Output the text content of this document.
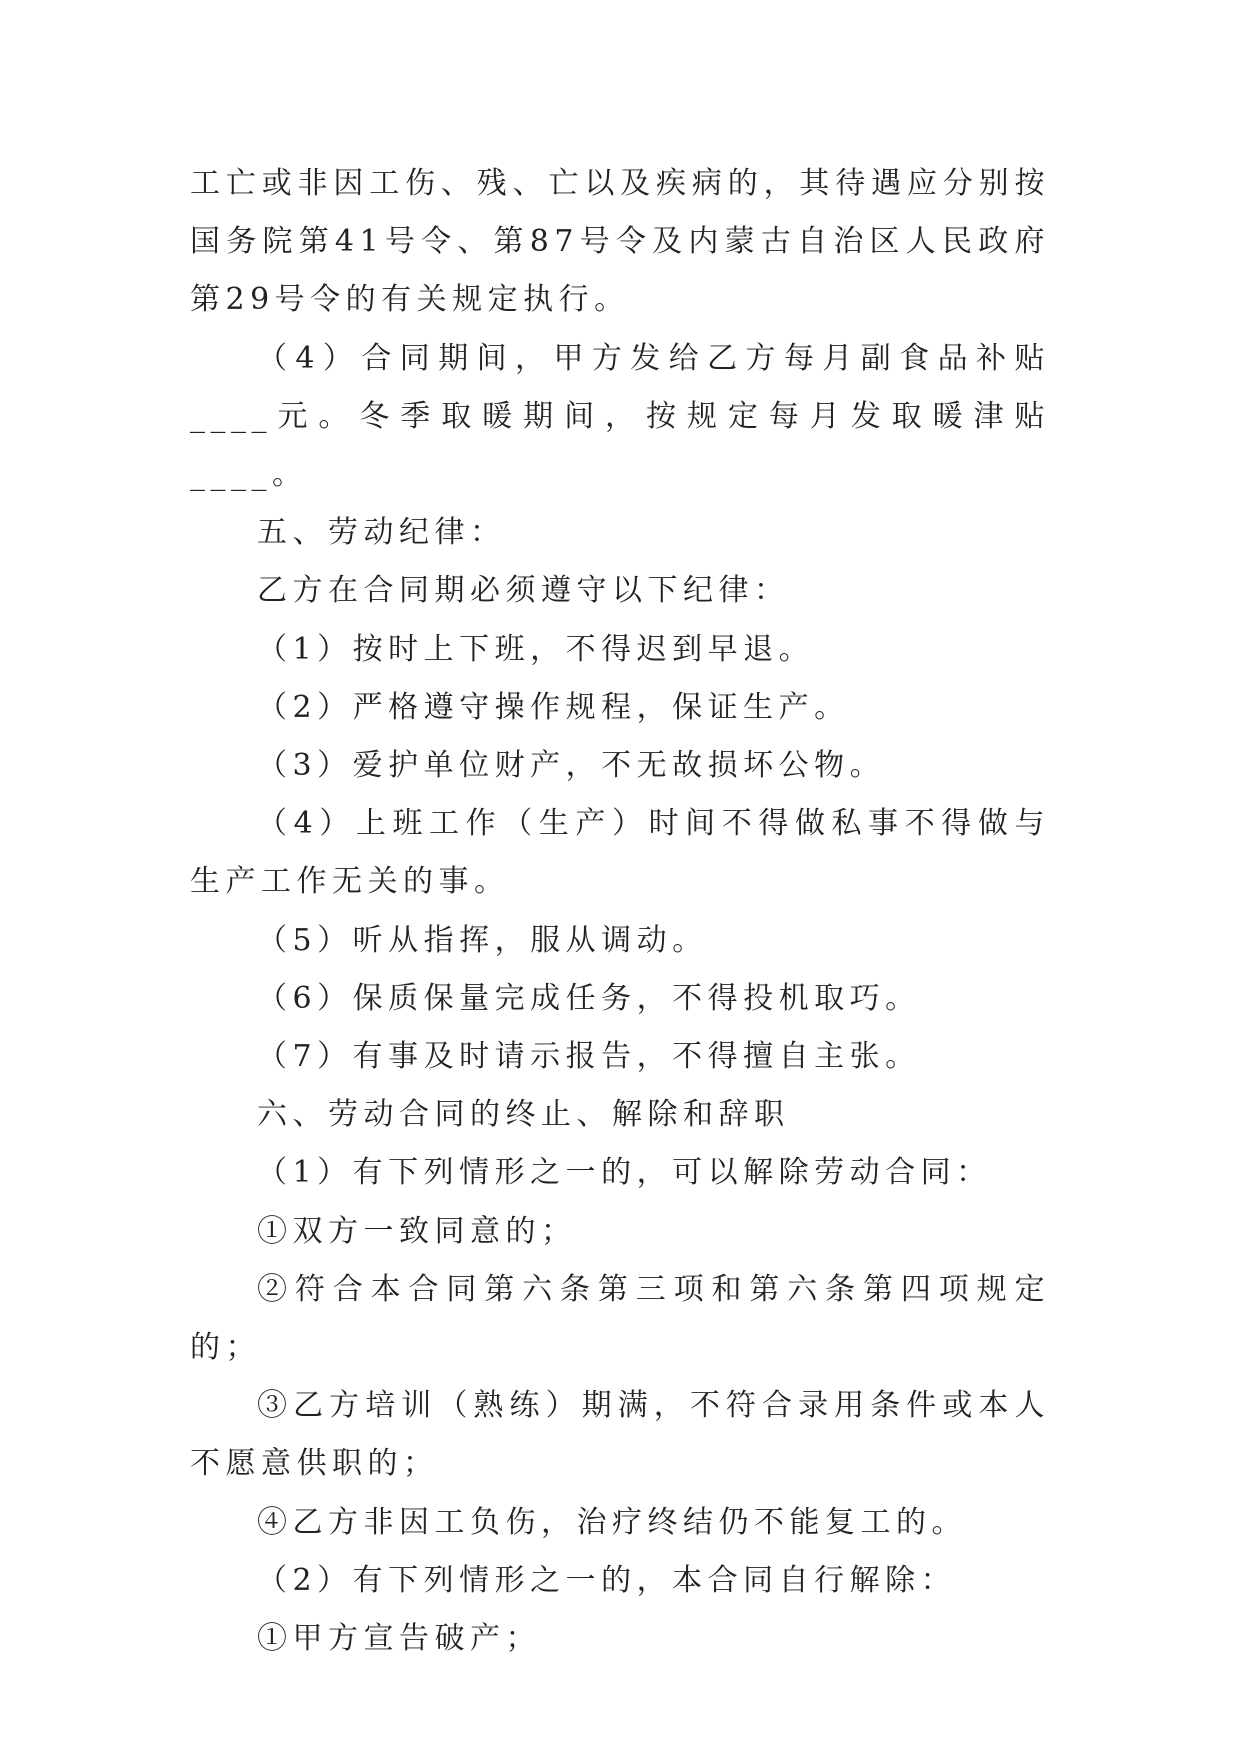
工亡或非因工伤、残、亡以及疾病的，其待遇应分别按国务院第41号令、第87号令及内蒙古自治区人民政府第29号令的有关规定执行。

（4）合同期间，甲方发给乙方每月副食品补贴____元。冬季取暖期间，按规定每月发取暖津贴____。

五、劳动纪律：

乙方在合同期必须遵守以下纪律：

（1）按时上下班，不得迟到早退。

（2）严格遵守操作规程，保证生产。

（3）爱护单位财产，不无故损坏公物。

（4）上班工作（生产）时间不得做私事不得做与生产工作无关的事。

（5）听从指挥，服从调动。

（6）保质保量完成任务，不得投机取巧。

（7）有事及时请示报告，不得擅自主张。

六、劳动合同的终止、解除和辞职

（1）有下列情形之一的，可以解除劳动合同：

①双方一致同意的；

②符合本合同第六条第三项和第六条第四项规定的；

③乙方培训（熟练）期满，不符合录用条件或本人不愿意供职的；

④乙方非因工负伤，治疗终结仍不能复工的。

（2）有下列情形之一的，本合同自行解除：

①甲方宣告破产；
